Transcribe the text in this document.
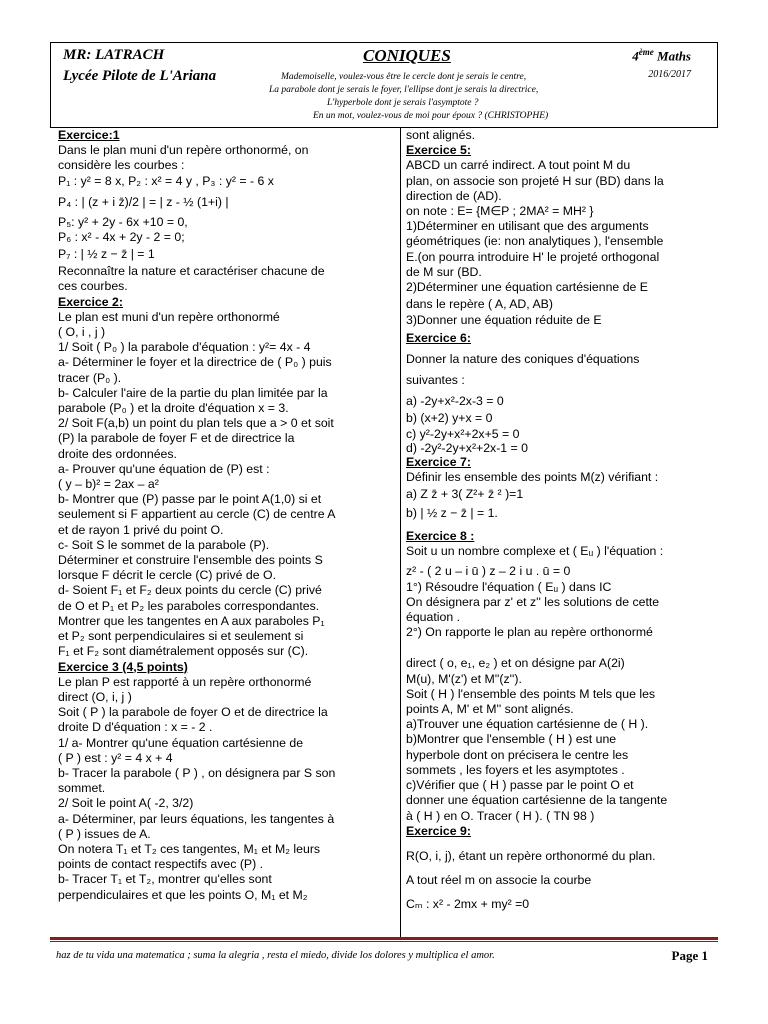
MR: LATRACH
Lycée Pilote de L'Ariana
CONIQUES	4ème Maths
2016/2017
Mademoiselle, voulez-vous être le cercle dont je serais le centre,
La parabole dont je serais le foyer, l'ellipse dont je serais la directrice,
L'hyperbole dont je serais l'asymptote ?
En un mot, voulez-vous de moi pour époux ? (CHRISTOPHE)

Exercice:1

Dans le plan muni d'un repère orthonormé, on

considère les courbes :

P₁ : y² = 8 x, P₂ : x² = 4 y , P₃ : y² = - 6 x

P₄ : | (z + i z̄)/2 | = | z - ½ (1+i) |

P₅: y² + 2y - 6x +10 = 0,

P₆ : x² - 4x + 2y - 2 = 0;

P₇ : | ½ z − z̄ | = 1

Reconnaître la nature et caractériser chacune de

ces courbes.

Exercice 2:

Le plan est muni d'un repère orthonormé

( O, i , j )

1/ Soit ( P₀ ) la parabole d'équation : y²= 4x - 4

a- Déterminer le foyer et la directrice de ( P₀ ) puis

tracer (P₀ ).

b- Calculer l'aire de la partie du plan limitée par la

parabole (P₀ ) et la droite d'équation x = 3.

2/ Soit F(a,b) un point du plan tels que a > 0 et soit

(P) la parabole de foyer F et de directrice la

droite des ordonnées.

a- Prouver qu'une équation de (P) est :

( y – b)² = 2ax – a²

b- Montrer que (P) passe par le point A(1,0) si et

seulement si F appartient au cercle (C) de centre A

et de rayon 1 privé du point O.

c- Soit S le sommet de la parabole (P).

Déterminer et construire l'ensemble des points S

lorsque F décrit le cercle (C) privé de O.

d- Soient F₁ et F₂ deux points du cercle (C) privé

de O et P₁ et P₂ les paraboles correspondantes.

Montrer que les tangentes en A aux paraboles P₁

et P₂ sont perpendiculaires si et seulement si

F₁ et F₂ sont diamétralement opposés sur (C).

Exercice 3 (4,5 points)

Le plan P est rapporté à un repère orthonormé

direct (O, i, j )

Soit ( P ) la parabole de foyer O et de directrice la

droite D d'équation : x = - 2 .

1/ a- Montrer qu'une équation cartésienne de

( P ) est : y² = 4 x + 4

b- Tracer la parabole ( P ) , on désignera par S son

sommet.

2/ Soit le point A( -2, 3/2)

a- Déterminer, par leurs équations, les tangentes à

( P ) issues de A.

On notera T₁ et T₂ ces tangentes, M₁ et M₂ leurs

points de contact respectifs avec (P) .

b- Tracer T₁ et T₂, montrer qu'elles sont

perpendiculaires et que les points O, M₁ et M₂

sont alignés.

Exercice 5:

ABCD un carré indirect. A tout point M du

plan, on associe son projeté H sur (BD) dans la

direction de (AD).

on note : E= {M∈P ; 2MA² = MH² }

1)Déterminer en utilisant que des arguments

géométriques (ie: non analytiques ), l'ensemble

E.(on pourra introduire H' le projeté orthogonal

de M sur (BD.

2)Déterminer une équation cartésienne de E

dans le repère ( A, AD, AB)

3)Donner une équation réduite de E

Exercice 6:

Donner la nature des coniques d'équations

suivantes :

a) -2y+x²-2x-3 = 0

b) (x+2) y+x = 0

c) y²-2y+x²+2x+5 = 0

d) -2y²-2y+x²+2x-1 = 0

Exercice 7:

Définir les ensemble des points M(z) vérifiant :

a) Z z̄ + 3( Z²+ z̄ ² )=1

b) | ½ z − z̄ | = 1.

Exercice 8 :

Soit u un nombre complexe et ( Eᵤ ) l'équation :

z² - ( 2 u – i ū ) z – 2 i u . ū = 0

1°) Résoudre l'équation ( Eᵤ ) dans IC

On désignera par z' et z'' les solutions de cette

équation .

2°) On rapporte le plan au repère orthonormé

direct ( o, e₁, e₂ ) et on désigne par A(2i)

M(u), M'(z') et M''(z'').

Soit ( H ) l'ensemble des points M tels que les

points A, M' et M'' sont alignés.

a)Trouver une équation cartésienne de ( H ).

b)Montrer que l'ensemble ( H ) est une

hyperbole dont on précisera le centre les

sommets , les foyers et les asymptotes .

c)Vérifier que ( H ) passe par le point O et

donner une équation cartésienne de la tangente

à ( H ) en O. Tracer ( H ). ( TN 98 )

Exercice 9:

R(O, i, j), étant un repère orthonormé du plan.

A tout réel m on associe la courbe

Cₘ : x² - 2mx + my² =0

haz de tu vida una matematica ; suma la alegria , resta el miedo, divide los dolores y multiplica el amor.	Page 1
